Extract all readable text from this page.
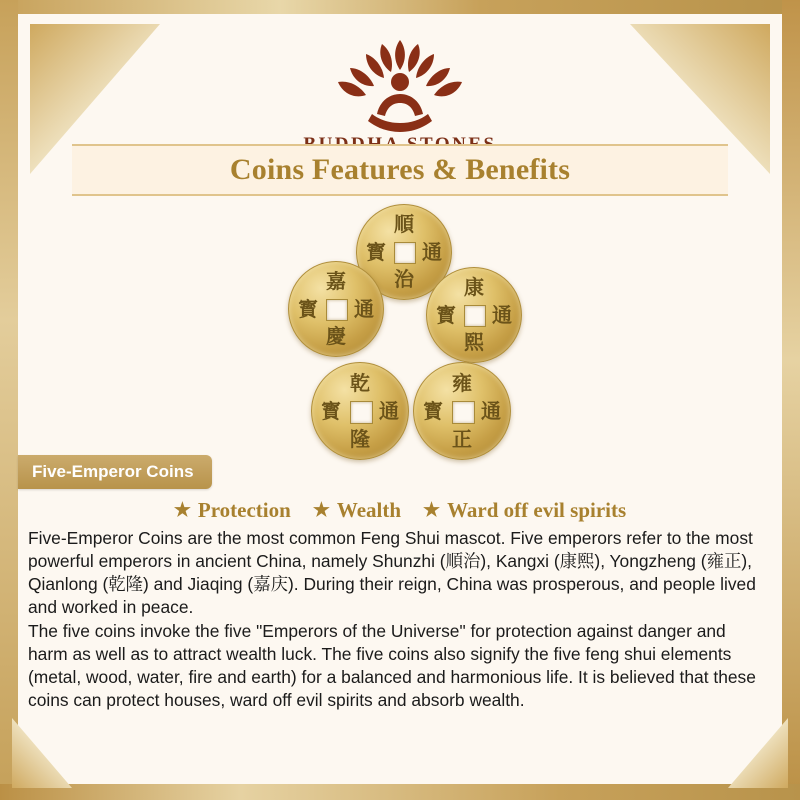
Coins Features & Benefits
順
寳 通
治
嘉
寳 通
慶
康
寳 通
熙
乾
寳 通
隆
雍
寳 通
正
Five-Emperor Coins
★ Protection ★ Wealth ★ Ward off evil spirits

Five-Emperor Coins are the most common Feng Shui mascot. Five emperors refer to the most powerful emperors in ancient China, namely Shunzhi (順治), Kangxi (康熙), Yongzheng (雍正), Qianlong (乾隆) and Jiaqing (嘉庆). During their reign, China was prosperous, and people lived and worked in peace.

The five coins invoke the five "Emperors of the Universe" for protection against danger and harm as well as to attract wealth luck. The five coins also signify the five feng shui elements (metal, wood, water, fire and earth) for a balanced and harmonious life. It is believed that these coins can protect houses, ward off evil spirits and absorb wealth.
